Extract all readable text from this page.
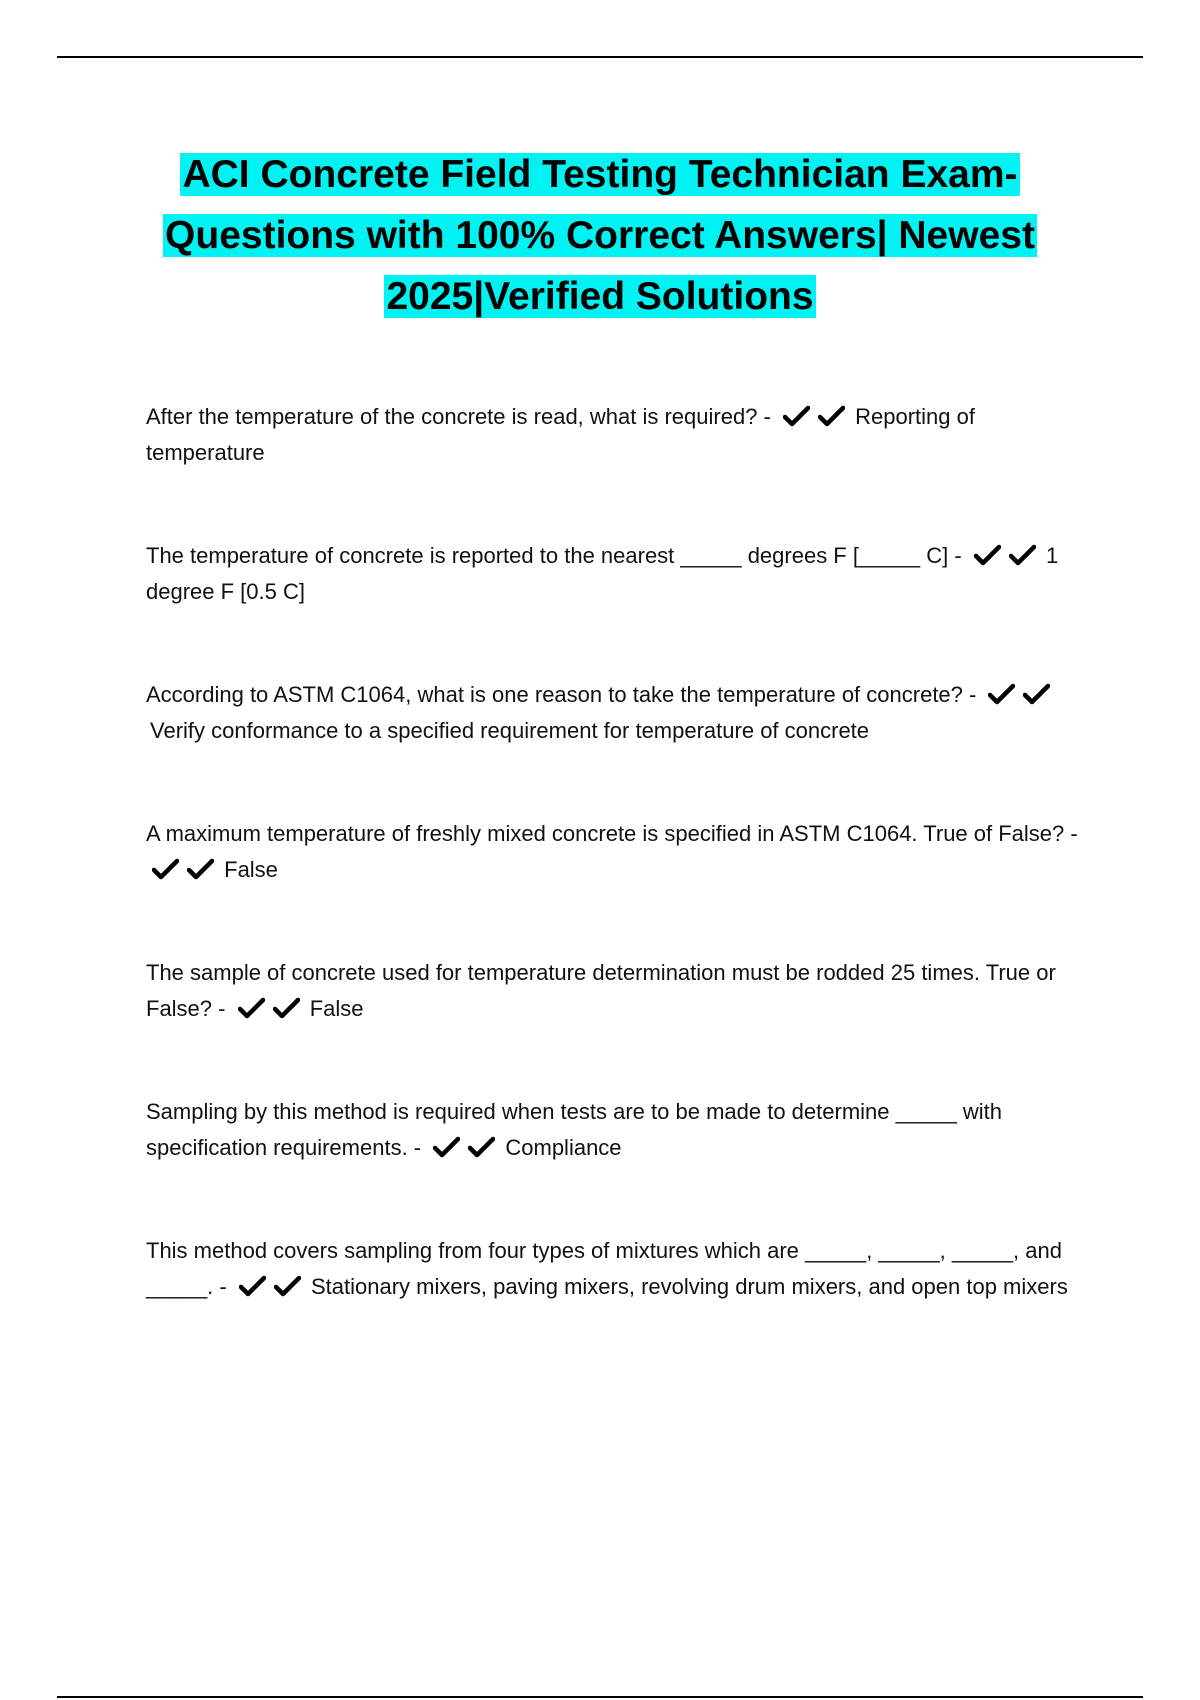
ACI Concrete Field Testing Technician Exam-
Questions with 100% Correct Answers| Newest
2025|Verified Solutions

After the temperature of the concrete is read, what is required? -	Reporting of temperature

The temperature of concrete is reported to the nearest _____ degrees F [_____ C] -	1 degree F [0.5 C]

According to ASTM C1064, what is one reason to take the temperature of concrete? -
Verify conformance to a specified requirement for temperature of concrete

A maximum temperature of freshly mixed concrete is specified in ASTM C1064. True of False? -
False

The sample of concrete used for temperature determination must be rodded 25 times. True or False? -	False

Sampling by this method is required when tests are to be made to determine _____ with specification requirements. -	Compliance

This method covers sampling from four types of mixtures which are _____, _____, _____, and _____. -	Stationary mixers, paving mixers, revolving drum mixers, and open top mixers
